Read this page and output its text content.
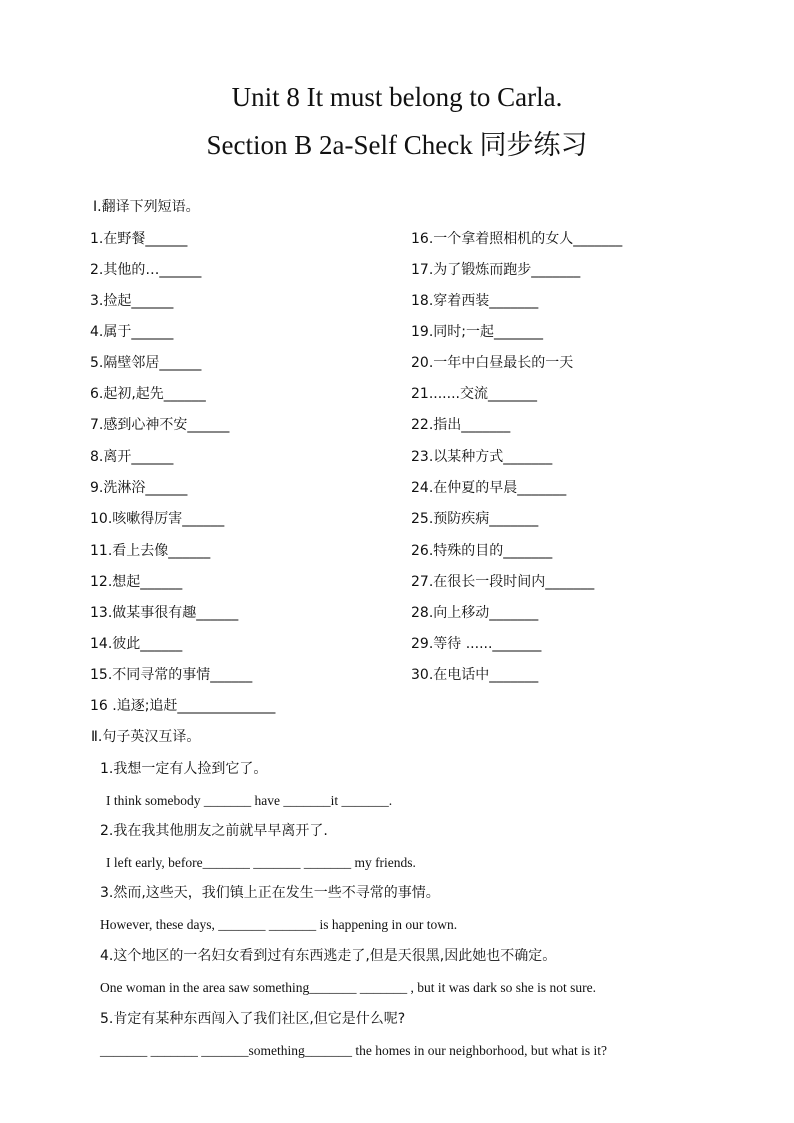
Unit 8 It must belong to Carla.
Section B 2a-Self Check 同步练习
Ⅰ.翻译下列短语。
1.在野餐______
2.其他的…______
3.捡起______
4.属于______
5.隔壁邻居______
6.起初,起先______
7.感到心神不安______
8.离开______
9.洗淋浴______
10.咳嗽得厉害______
11.看上去像______
12.想起______
13.做某事很有趣______
14.彼此______
15.不同寻常的事情______
16 .追逐;追赶______________
16.一个拿着照相机的女人_______
17.为了锻炼而跑步_______
18.穿着西装_______
19.同时;一起_______
20.一年中白昼最长的一天
21.......交流_______
22.指出_______
23.以某种方式_______
24.在仲夏的早晨_______
25.预防疾病_______
26.特殊的目的_______
27.在很长一段时间内_______
28.向上移动_______
29.等待 ......_______
30.在电话中_______
Ⅱ.句子英汉互译。
1.我想一定有人捡到它了。
I think somebody _______ have _______it _______.
2.我在我其他朋友之前就早早离开了.
I left early, before_______ _______ _______ my friends.
3.然而,这些天，我们镇上正在发生一些不寻常的事情。
However, these days, _______ _______ is happening in our town.
4.这个地区的一名妇女看到过有东西逃走了,但是天很黑,因此她也不确定。
One woman in the area saw something_______ _______ , but it was dark so she is not sure.
5.肯定有某种东西闯入了我们社区,但它是什么呢?
_______ _______ _______something_______ the homes in our neighborhood, but what is it?
